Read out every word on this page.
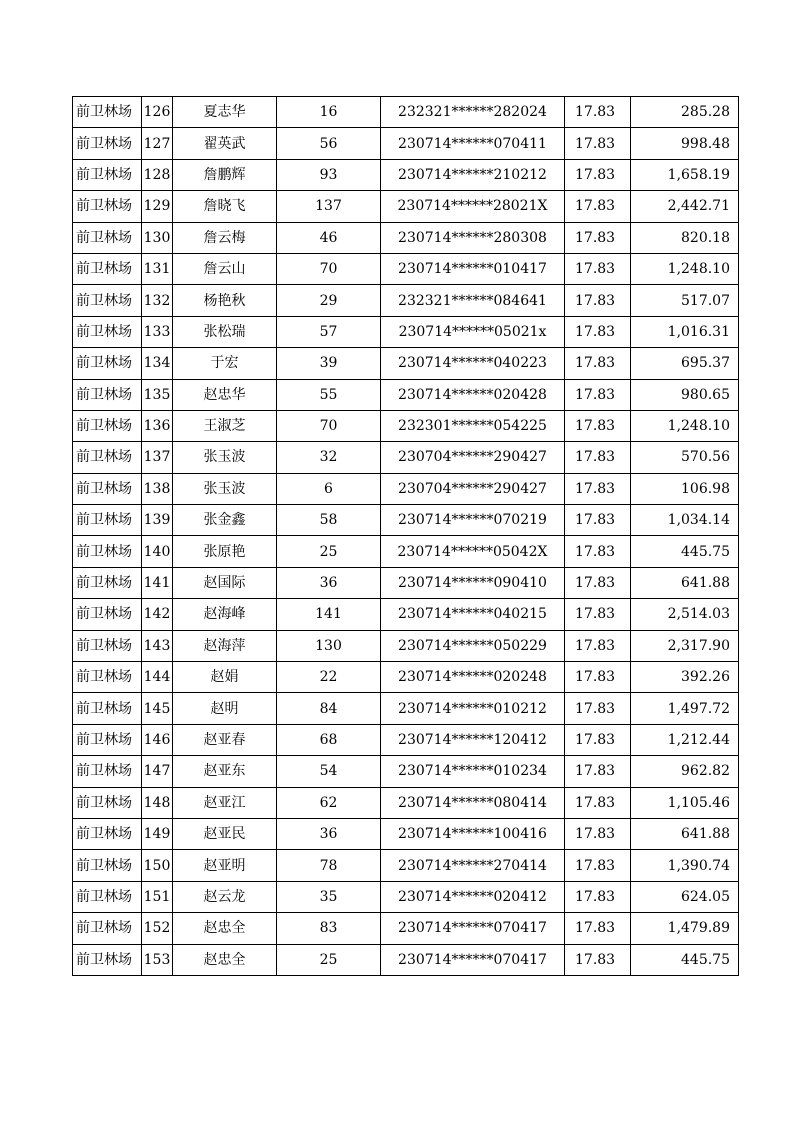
前卫林场	126	夏志华	16	232321******282024	17.83	285.28
前卫林场	127	翟英武	56	230714******070411	17.83	998.48
前卫林场	128	詹鹏辉	93	230714******210212	17.83	1,658.19
前卫林场	129	詹晓飞	137	230714******28021X	17.83	2,442.71
前卫林场	130	詹云梅	46	230714******280308	17.83	820.18
前卫林场	131	詹云山	70	230714******010417	17.83	1,248.10
前卫林场	132	杨艳秋	29	232321******084641	17.83	517.07
前卫林场	133	张松瑞	57	230714******05021x	17.83	1,016.31
前卫林场	134	于宏	39	230714******040223	17.83	695.37
前卫林场	135	赵忠华	55	230714******020428	17.83	980.65
前卫林场	136	王淑芝	70	232301******054225	17.83	1,248.10
前卫林场	137	张玉波	32	230704******290427	17.83	570.56
前卫林场	138	张玉波	6	230704******290427	17.83	106.98
前卫林场	139	张金鑫	58	230714******070219	17.83	1,034.14
前卫林场	140	张原艳	25	230714******05042X	17.83	445.75
前卫林场	141	赵国际	36	230714******090410	17.83	641.88
前卫林场	142	赵海峰	141	230714******040215	17.83	2,514.03
前卫林场	143	赵海萍	130	230714******050229	17.83	2,317.90
前卫林场	144	赵娟	22	230714******020248	17.83	392.26
前卫林场	145	赵明	84	230714******010212	17.83	1,497.72
前卫林场	146	赵亚春	68	230714******120412	17.83	1,212.44
前卫林场	147	赵亚东	54	230714******010234	17.83	962.82
前卫林场	148	赵亚江	62	230714******080414	17.83	1,105.46
前卫林场	149	赵亚民	36	230714******100416	17.83	641.88
前卫林场	150	赵亚明	78	230714******270414	17.83	1,390.74
前卫林场	151	赵云龙	35	230714******020412	17.83	624.05
前卫林场	152	赵忠全	83	230714******070417	17.83	1,479.89
前卫林场	153	赵忠全	25	230714******070417	17.83	445.75
